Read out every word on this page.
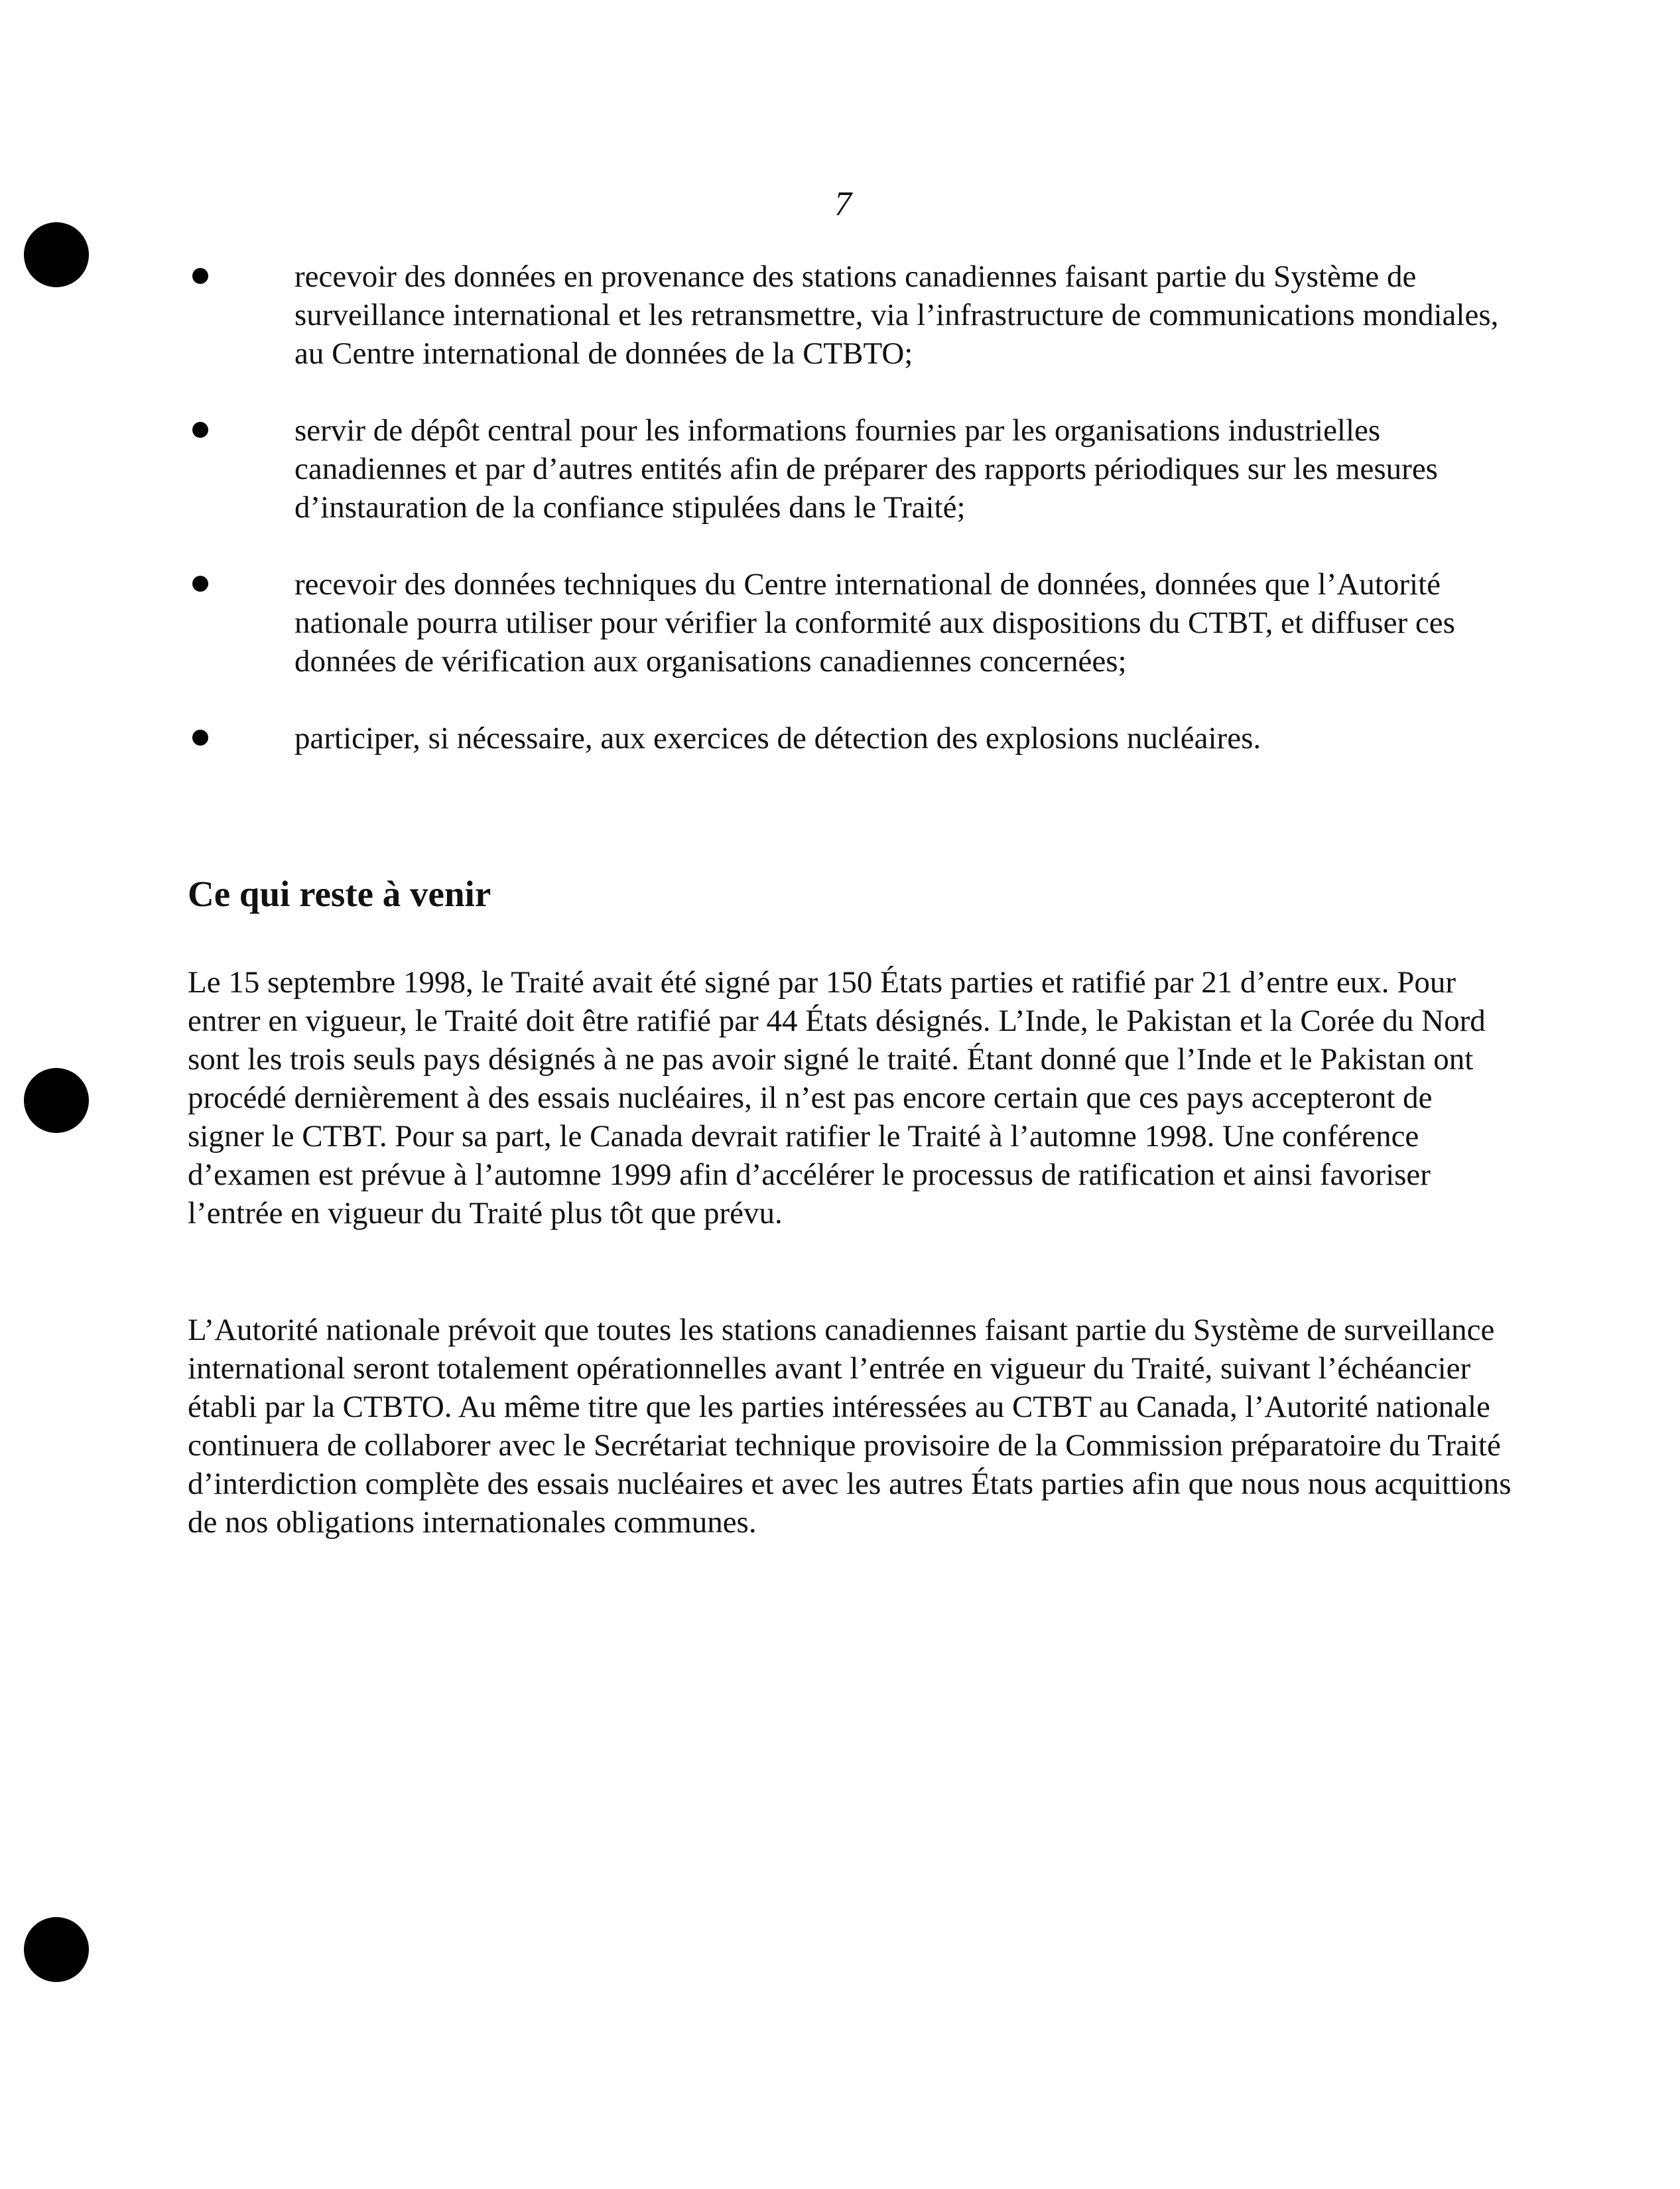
7
recevoir des données en provenance des stations canadiennes faisant partie du Système de surveillance international et les retransmettre, via l’infrastructure de communications mondiales, au Centre international de données de la CTBTO;
servir de dépôt central pour les informations fournies par les organisations industrielles canadiennes et par d’autres entités afin de préparer des rapports périodiques sur les mesures d’instauration de la confiance stipulées dans le Traité;
recevoir des données techniques du Centre international de données, données que l’Autorité nationale pourra utiliser pour vérifier la conformité aux dispositions du CTBT, et diffuser ces données de vérification aux organisations canadiennes concernées;
participer, si nécessaire, aux exercices de détection des explosions nucléaires.
Ce qui reste à venir

Le 15 septembre 1998, le Traité avait été signé par 150 États parties et ratifié par 21 d’entre eux. Pour entrer en vigueur, le Traité doit être ratifié par 44 États désignés. L’Inde, le Pakistan et la Corée du Nord sont les trois seuls pays désignés à ne pas avoir signé le traité. Étant donné que l’Inde et le Pakistan ont procédé dernièrement à des essais nucléaires, il n’est pas encore certain que ces pays accepteront de signer le CTBT. Pour sa part, le Canada devrait ratifier le Traité à l’automne 1998. Une conférence d’examen est prévue à l’automne 1999 afin d’accélérer le processus de ratification et ainsi favoriser l’entrée en vigueur du Traité plus tôt que prévu.

L’Autorité nationale prévoit que toutes les stations canadiennes faisant partie du Système de surveillance international seront totalement opérationnelles avant l’entrée en vigueur du Traité, suivant l’échéancier établi par la CTBTO. Au même titre que les parties intéressées au CTBT au Canada, l’Autorité nationale continuera de collaborer avec le Secrétariat technique provisoire de la Commission préparatoire du Traité d’interdiction complète des essais nucléaires et avec les autres États parties afin que nous nous acquittions de nos obligations internationales communes.
